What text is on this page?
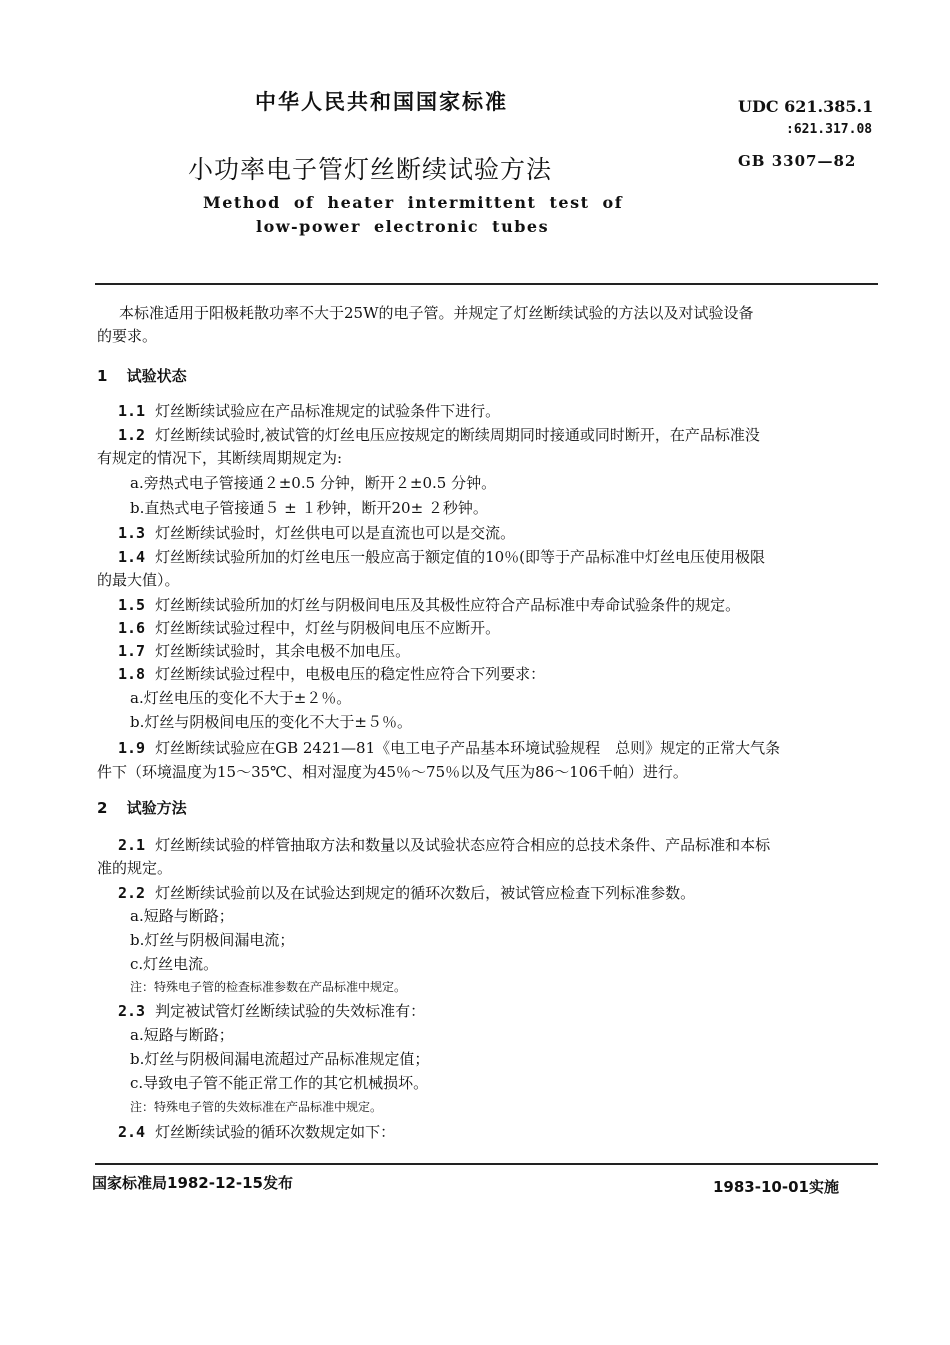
中华人民共和国国家标准	UDC 621.385.1
:621.317.08
GB 3307—82
小功率电子管灯丝断续试验方法
Method of heater intermittent test of
low-power electronic tubes
本标准适用于阳极耗散功率不大于25W的电子管。并规定了灯丝断续试验的方法以及对试验设备
的要求。
1 试验状态
1.1 灯丝断续试验应在产品标准规定的试验条件下进行。
1.2 灯丝断续试验时,被试管的灯丝电压应按规定的断续周期同时接通或同时断开，在产品标准没
有规定的情况下，其断续周期规定为:
a.旁热式电子管接通２±0.5 分钟，断开２±0.5 分钟。
b.直热式电子管接通５ ± １秒钟，断开20± ２秒钟。
1.3 灯丝断续试验时，灯丝供电可以是直流也可以是交流。
1.4 灯丝断续试验所加的灯丝电压一般应高于额定值的10％(即等于产品标准中灯丝电压使用极限
的最大值）。
1.5 灯丝断续试验所加的灯丝与阴极间电压及其极性应符合产品标准中寿命试验条件的规定。
1.6 灯丝断续试验过程中，灯丝与阴极间电压不应断开。
1.7 灯丝断续试验时，其余电极不加电压。
1.8 灯丝断续试验过程中，电极电压的稳定性应符合下列要求：
a.灯丝电压的变化不大于±２％。
b.灯丝与阴极间电压的变化不大于±５％。
1.9 灯丝断续试验应在GB 2421—81《电工电子产品基本环境试验规程　总则》规定的正常大气条
件下（环境温度为15～35℃、相对湿度为45％～75％以及气压为86～106千帕）进行。
2 试验方法
2.1 灯丝断续试验的样管抽取方法和数量以及试验状态应符合相应的总技术条件、产品标准和本标
准的规定。
2.2 灯丝断续试验前以及在试验达到规定的循环次数后，被试管应检查下列标准参数。
a.短路与断路；
b.灯丝与阴极间漏电流；
c.灯丝电流。
注：特殊电子管的检查标准参数在产品标准中规定。
2.3 判定被试管灯丝断续试验的失效标准有：
a.短路与断路；
b.灯丝与阴极间漏电流超过产品标准规定值；
c.导致电子管不能正常工作的其它机械损坏。
注：特殊电子管的失效标准在产品标准中规定。
2.4 灯丝断续试验的循环次数规定如下：
国家标准局1982-12-15发布	1983-10-01实施
